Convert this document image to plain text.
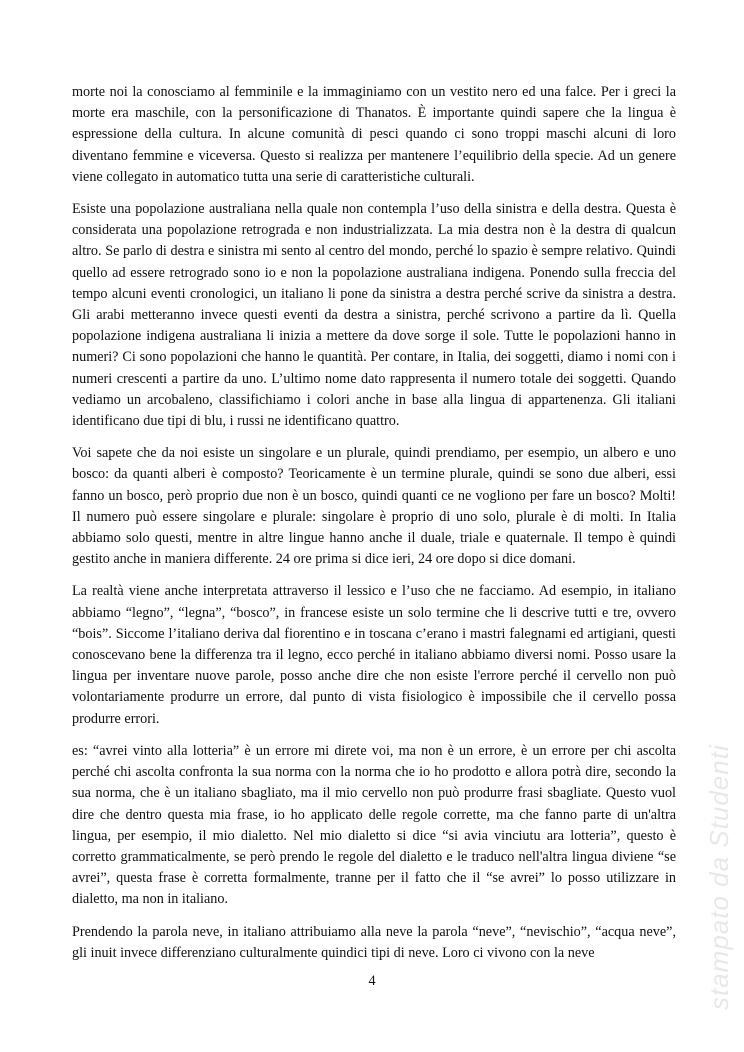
morte noi la conosciamo al femminile e la immaginiamo con un vestito nero ed una falce. Per i greci la morte era maschile, con la personificazione di Thanatos. È importante quindi sapere che la lingua è espressione della cultura. In alcune comunità di pesci quando ci sono troppi maschi alcuni di loro diventano femmine e viceversa. Questo si realizza per mantenere l’equilibrio della specie. Ad un genere viene collegato in automatico tutta una serie di caratteristiche culturali.

Esiste una popolazione australiana nella quale non contempla l’uso della sinistra e della destra. Questa è considerata una popolazione retrograda e non industrializzata. La mia destra non è la destra di qualcun altro. Se parlo di destra e sinistra mi sento al centro del mondo, perché lo spazio è sempre relativo. Quindi quello ad essere retrogrado sono io e non la popolazione australiana indigena. Ponendo sulla freccia del tempo alcuni eventi cronologici, un italiano li pone da sinistra a destra perché scrive da sinistra a destra. Gli arabi metteranno invece questi eventi da destra a sinistra, perché scrivono a partire da lì. Quella popolazione indigena australiana li inizia a mettere da dove sorge il sole. Tutte le popolazioni hanno in numeri? Ci sono popolazioni che hanno le quantità. Per contare, in Italia, dei soggetti, diamo i nomi con i numeri crescenti a partire da uno. L’ultimo nome dato rappresenta il numero totale dei soggetti. Quando vediamo un arcobaleno, classifichiamo i colori anche in base alla lingua di appartenenza. Gli italiani identificano due tipi di blu, i russi ne identificano quattro.

Voi sapete che da noi esiste un singolare e un plurale, quindi prendiamo, per esempio, un albero e uno bosco: da quanti alberi è composto? Teoricamente è un termine plurale, quindi se sono due alberi, essi fanno un bosco, però proprio due non è un bosco, quindi quanti ce ne vogliono per fare un bosco? Molti! Il numero può essere singolare e plurale: singolare è proprio di uno solo, plurale è di molti. In Italia abbiamo solo questi, mentre in altre lingue hanno anche il duale, triale e quaternale. Il tempo è quindi gestito anche in maniera differente. 24 ore prima si dice ieri, 24 ore dopo si dice domani.

La realtà viene anche interpretata attraverso il lessico e l’uso che ne facciamo. Ad esempio, in italiano abbiamo “legno”, “legna”, “bosco”, in francese esiste un solo termine che li descrive tutti e tre, ovvero “bois”. Siccome l’italiano deriva dal fiorentino e in toscana c’erano i mastri falegnami ed artigiani, questi conoscevano bene la differenza tra il legno, ecco perché in italiano abbiamo diversi nomi. Posso usare la lingua per inventare nuove parole, posso anche dire che non esiste l'errore perché il cervello non può volontariamente produrre un errore, dal punto di vista fisiologico è impossibile che il cervello possa produrre errori.

es: “avrei vinto alla lotteria” è un errore mi direte voi, ma non è un errore, è un errore per chi ascolta perché chi ascolta confronta la sua norma con la norma che io ho prodotto e allora potrà dire, secondo la sua norma, che è un italiano sbagliato, ma il mio cervello non può produrre frasi sbagliate. Questo vuol dire che dentro questa mia frase, io ho applicato delle regole corrette, ma che fanno parte di un'altra lingua, per esempio, il mio dialetto. Nel mio dialetto si dice “si avia vinciutu ara lotteria”, questo è corretto grammaticalmente, se però prendo le regole del dialetto e le traduco nell'altra lingua diviene “se avrei”, questa frase è corretta formalmente, tranne per il fatto che il “se avrei” lo posso utilizzare in dialetto, ma non in italiano.

Prendendo la parola neve, in italiano attribuiamo alla neve la parola “neve”, “nevischio”, “acqua neve”, gli inuit invece differenziano culturalmente quindici tipi di neve. Loro ci vivono con la neve	stampato da Studenti
4
